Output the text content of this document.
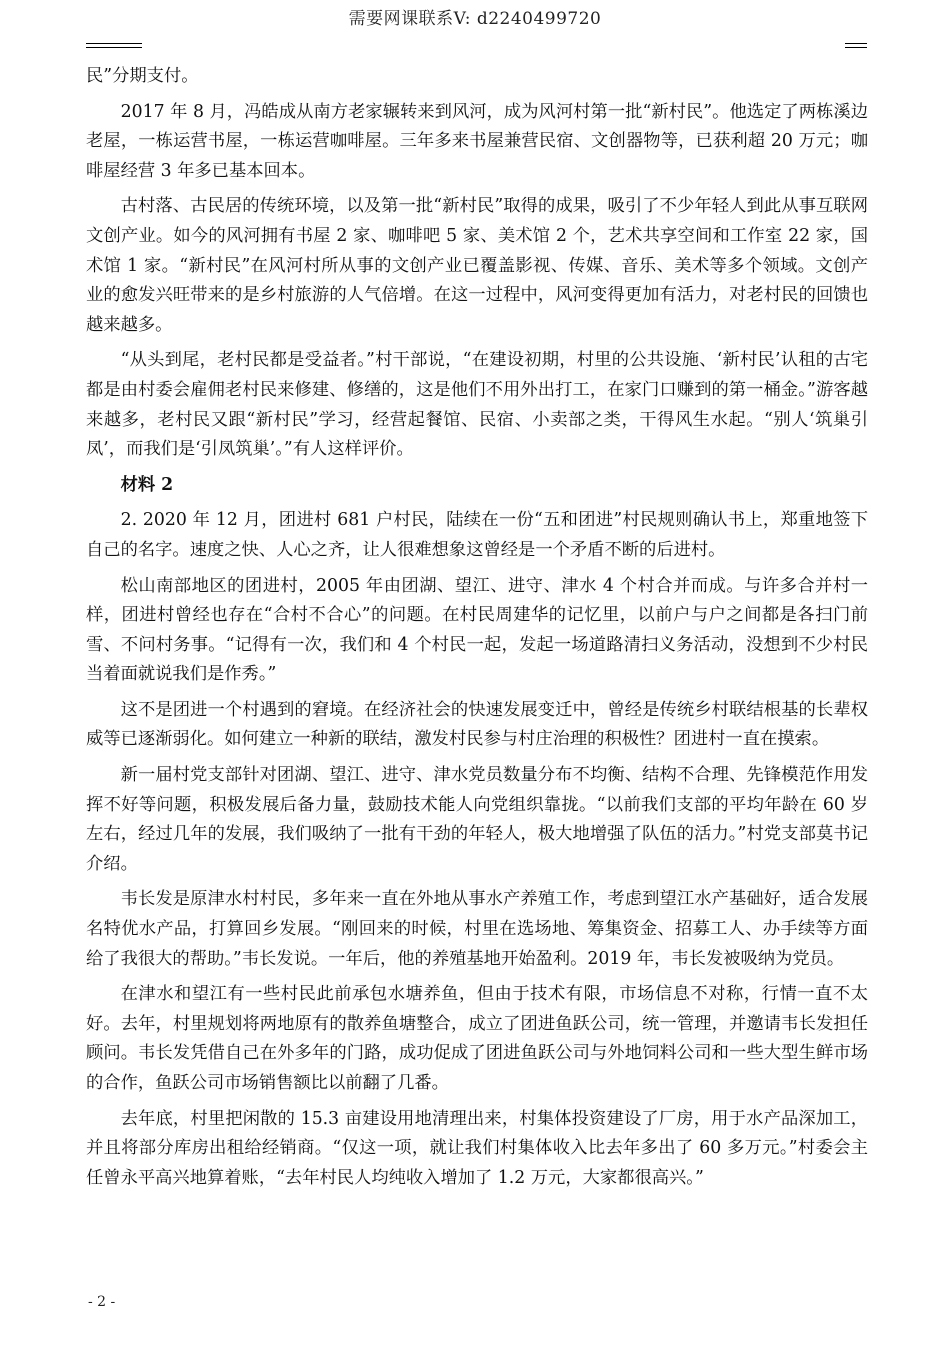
需要网课联系V: d2240499720

民”分期支付。

2017 年 8 月，冯皓成从南方老家辗转来到风河，成为风河村第一批“新村民”。他选定了两栋溪边老屋，一栋运营书屋，一栋运营咖啡屋。三年多来书屋兼营民宿、文创器物等，已获利超 20 万元；咖啡屋经营 3 年多已基本回本。

古村落、古民居的传统环境，以及第一批“新村民”取得的成果，吸引了不少年轻人到此从事互联网文创产业。如今的风河拥有书屋 2 家、咖啡吧 5 家、美术馆 2 个，艺术共享空间和工作室 22 家，国术馆 1 家。“新村民”在风河村所从事的文创产业已覆盖影视、传媒、音乐、美术等多个领域。文创产业的愈发兴旺带来的是乡村旅游的人气倍增。在这一过程中，风河变得更加有活力，对老村民的回馈也越来越多。

“从头到尾，老村民都是受益者。”村干部说，“在建设初期，村里的公共设施、‘新村民’认租的古宅都是由村委会雇佣老村民来修建、修缮的，这是他们不用外出打工，在家门口赚到的第一桶金。”游客越来越多，老村民又跟“新村民”学习，经营起餐馆、民宿、小卖部之类，干得风生水起。“别人‘筑巢引凤’，而我们是‘引凤筑巢’。”有人这样评价。

材料 2

2. 2020 年 12 月，团进村 681 户村民，陆续在一份“五和团进”村民规则确认书上，郑重地签下自己的名字。速度之快、人心之齐，让人很难想象这曾经是一个矛盾不断的后进村。

松山南部地区的团进村，2005 年由团湖、望江、进守、津水 4 个村合并而成。与许多合并村一样，团进村曾经也存在“合村不合心”的问题。在村民周建华的记忆里，以前户与户之间都是各扫门前雪、不问村务事。“记得有一次，我们和 4 个村民一起，发起一场道路清扫义务活动，没想到不少村民当着面就说我们是作秀。”

这不是团进一个村遇到的窘境。在经济社会的快速发展变迁中，曾经是传统乡村联结根基的长辈权威等已逐渐弱化。如何建立一种新的联结，激发村民参与村庄治理的积极性？团进村一直在摸索。

新一届村党支部针对团湖、望江、进守、津水党员数量分布不均衡、结构不合理、先锋模范作用发挥不好等问题，积极发展后备力量，鼓励技术能人向党组织靠拢。“以前我们支部的平均年龄在 60 岁左右，经过几年的发展，我们吸纳了一批有干劲的年轻人，极大地增强了队伍的活力。”村党支部莫书记介绍。

韦长发是原津水村村民，多年来一直在外地从事水产养殖工作，考虑到望江水产基础好，适合发展名特优水产品，打算回乡发展。“刚回来的时候，村里在选场地、筹集资金、招募工人、办手续等方面给了我很大的帮助。”韦长发说。一年后，他的养殖基地开始盈利。2019 年，韦长发被吸纳为党员。

在津水和望江有一些村民此前承包水塘养鱼，但由于技术有限，市场信息不对称，行情一直不太好。去年，村里规划将两地原有的散养鱼塘整合，成立了团进鱼跃公司，统一管理，并邀请韦长发担任顾问。韦长发凭借自己在外多年的门路，成功促成了团进鱼跃公司与外地饲料公司和一些大型生鲜市场的合作，鱼跃公司市场销售额比以前翻了几番。

去年底，村里把闲散的 15.3 亩建设用地清理出来，村集体投资建设了厂房，用于水产品深加工，并且将部分库房出租给经销商。“仅这一项，就让我们村集体收入比去年多出了 60 多万元。”村委会主任曾永平高兴地算着账，“去年村民人均纯收入增加了 1.2 万元，大家都很高兴。”

- 2 -
